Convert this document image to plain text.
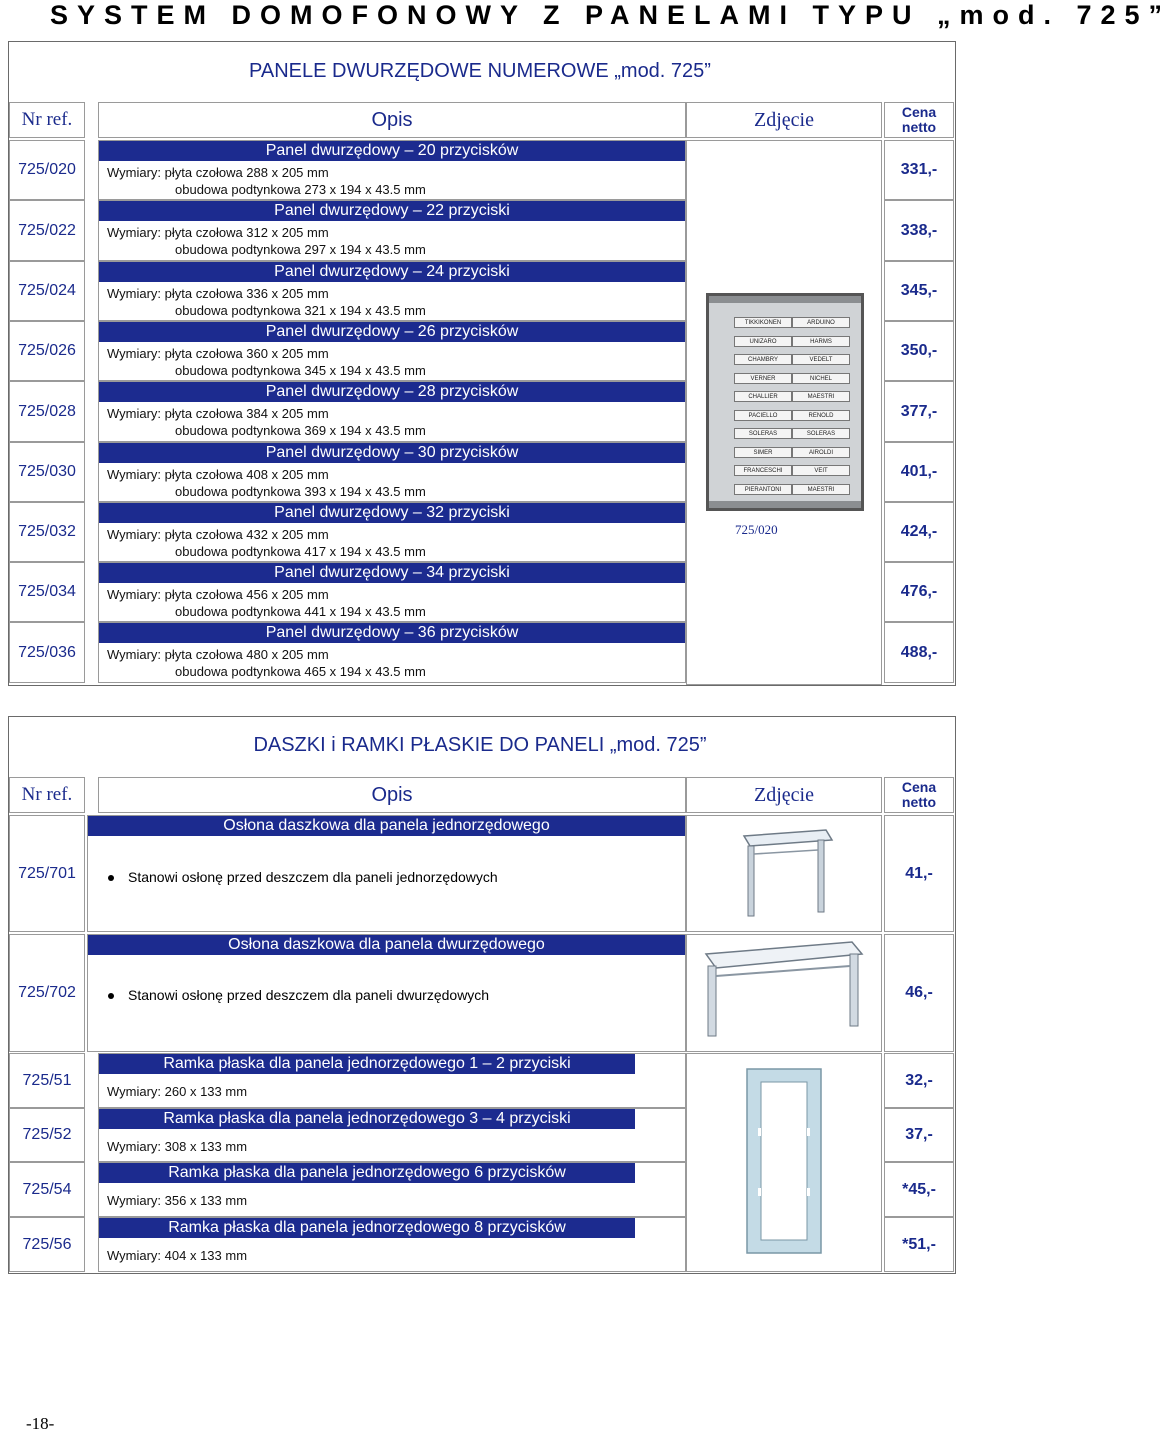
SYSTEM DOMOFONOWY Z PANELAMI TYPU „mod. 725”
PANELE DWURZĘDOWE NUMEROWE „mod. 725”
Nr ref.	Opis	Zdjęcie	Cena netto
725/020
Panel dwurzędowy – 20 przycisków
Wymiary: płyta czołowa 288 x 205 mm
obudowa podtynkowa 273 x 194 x 43.5 mm
331,-
725/022
Panel dwurzędowy – 22 przyciski
Wymiary: płyta czołowa 312 x 205 mm
obudowa podtynkowa 297 x 194 x 43.5 mm
338,-
725/024
Panel dwurzędowy – 24 przyciski
Wymiary: płyta czołowa 336 x 205 mm
obudowa podtynkowa 321 x 194 x 43.5 mm
345,-
725/026
Panel dwurzędowy – 26 przycisków
Wymiary: płyta czołowa 360 x 205 mm
obudowa podtynkowa 345 x 194 x 43.5 mm
350,-
725/028
Panel dwurzędowy – 28 przycisków
Wymiary: płyta czołowa 384 x 205 mm
obudowa podtynkowa 369 x 194 x 43.5 mm
377,-
725/030
Panel dwurzędowy – 30 przycisków
Wymiary: płyta czołowa 408 x 205 mm
obudowa podtynkowa 393 x 194 x 43.5 mm
401,-
725/032
Panel dwurzędowy – 32 przyciski
Wymiary: płyta czołowa 432 x 205 mm
obudowa podtynkowa 417 x 194 x 43.5 mm
424,-
725/034
Panel dwurzędowy – 34 przyciski
Wymiary: płyta czołowa 456 x 205 mm
obudowa podtynkowa 441 x 194 x 43.5 mm
476,-
725/036
Panel dwurzędowy – 36 przycisków
Wymiary: płyta czołowa 480 x 205 mm
obudowa podtynkowa 465 x 194 x 43.5 mm
488,-
TIKKIKONEN	ARDUINO
UNIZARO	HARMS
CHAMBRY	VEDELT
VERNER	NICHEL
CHALLIER	MAESTRI
PACIELLO	RENOLD
SOLERAS	SOLERAS
SIMER	AIROLDI
FRANCESCHI	VEIT
PIERANTONI	MAESTRI
725/020
DASZKI i RAMKI PŁASKIE DO PANELI „mod. 725”
Nr ref.	Opis	Zdjęcie	Cena netto
725/701
Osłona daszkowa dla panela jednorzędowego
Stanowi osłonę przed deszczem dla paneli jednorzędowych	41,-
725/702
Osłona daszkowa dla panela dwurzędowego
Stanowi osłonę przed deszczem dla paneli dwurzędowych	46,-
725/51
Ramka płaska dla panela jednorzędowego 1 – 2 przyciski
Wymiary: 260 x 133 mm
32,-
725/52
Ramka płaska dla panela jednorzędowego 3 – 4 przyciski
Wymiary: 308 x 133 mm
37,-
725/54
Ramka płaska dla panela jednorzędowego 6 przycisków
Wymiary: 356 x 133 mm
*45,-
725/56
Ramka płaska dla panela jednorzędowego 8 przycisków
Wymiary: 404 x 133 mm
*51,-
-18-
